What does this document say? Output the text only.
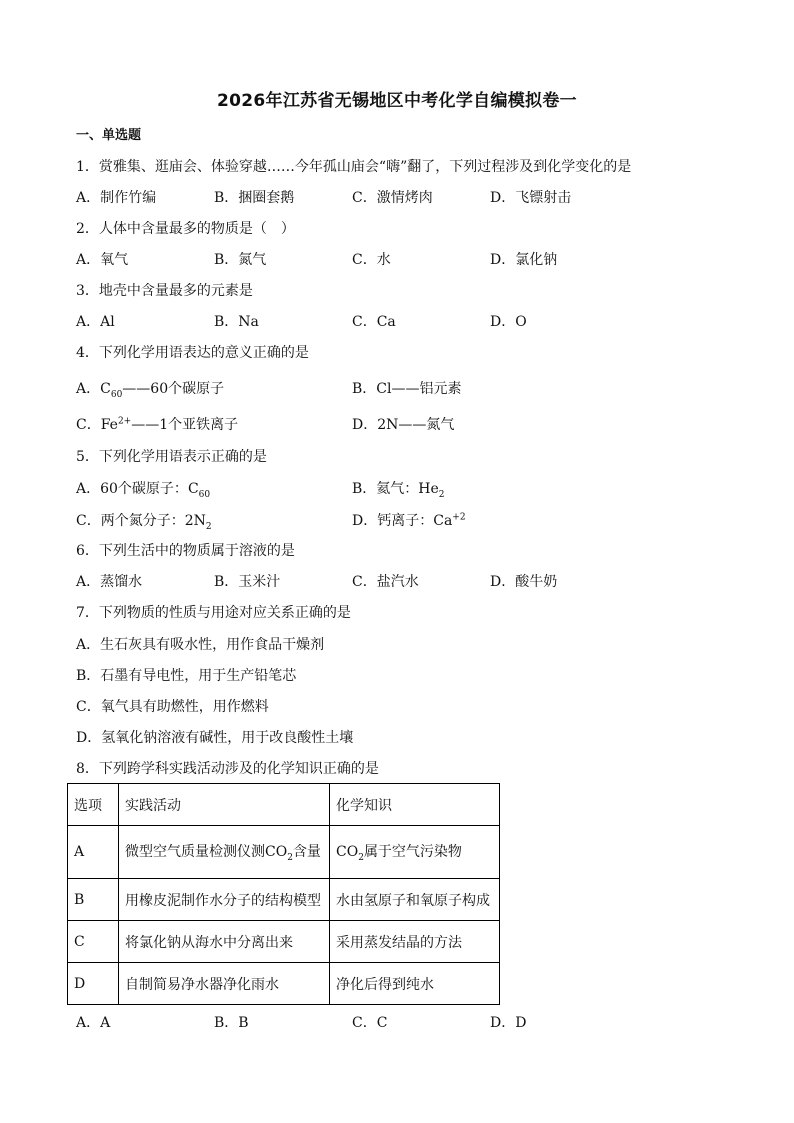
2026年江苏省无锡地区中考化学自编模拟卷一
一、单选题
1．赏雅集、逛庙会、体验穿越……今年孤山庙会“嗨”翻了，下列过程涉及到化学变化的是
A．制作竹编	B．捆圈套鹅	C．激情烤肉	D．飞镖射击
2．人体中含量最多的物质是（　）
A．氧气	B．氮气	C．水	D．氯化钠
3．地壳中含量最多的元素是
A．Al	B．Na	C．Ca	D．O
4．下列化学用语表达的意义正确的是
A．$C_{60}——60$个碳原子	B．Cl——铝元素
C．$Fe^{2+}——1$个亚铁离子	D．2N——氮气
5．下列化学用语表示正确的是
A．60个碳原子：$C_{60}$	B．氦气：$He_2$
C．两个氮分子：$2N_2$	D．钙离子：$Ca^{+2}$
6．下列生活中的物质属于溶液的是
A．蒸馏水	B．玉米汁	C．盐汽水	D．酸牛奶
7．下列物质的性质与用途对应关系正确的是
A．生石灰具有吸水性，用作食品干燥剂
B．石墨有导电性，用于生产铅笔芯
C．氧气具有助燃性，用作燃料
D．氢氧化钠溶液有碱性，用于改良酸性土壤
8．下列跨学科实践活动涉及的化学知识正确的是
选项	实践活动	化学知识
A	微型空气质量检测仪测$CO_2$含量	$CO_2$属于空气污染物
B	用橡皮泥制作水分子的结构模型	水由氢原子和氧原子构成
C	将氯化钠从海水中分离出来	采用蒸发结晶的方法
D	自制简易净水器净化雨水	净化后得到纯水
A．A	B．B	C．C	D．D
